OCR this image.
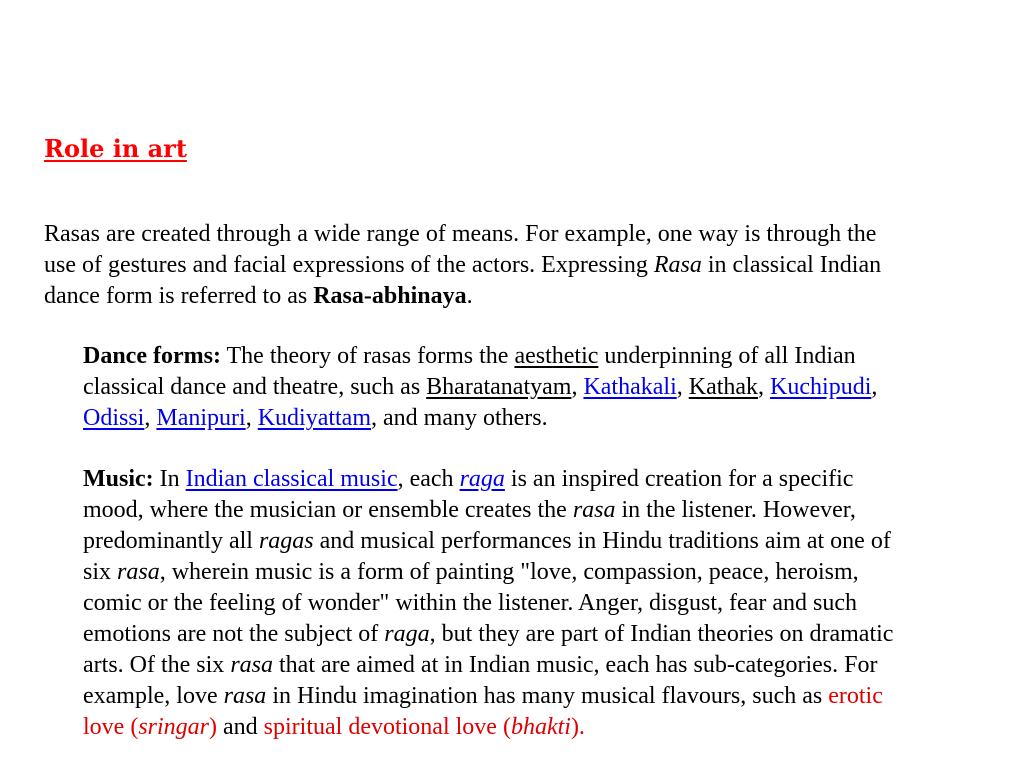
Role in art

Rasas are created through a wide range of means. For example, one way is through the
use of gestures and facial expressions of the actors. Expressing Rasa in classical Indian
dance form is referred to as Rasa-abhinaya.

Dance forms: The theory of rasas forms the aesthetic underpinning of all Indian
classical dance and theatre, such as Bharatanatyam, Kathakali, Kathak, Kuchipudi,
Odissi, Manipuri, Kudiyattam, and many others.

Music: In Indian classical music, each raga is an inspired creation for a specific
mood, where the musician or ensemble creates the rasa in the listener. However,
predominantly all ragas and musical performances in Hindu traditions aim at one of
six rasa, wherein music is a form of painting "love, compassion, peace, heroism,
comic or the feeling of wonder" within the listener. Anger, disgust, fear and such
emotions are not the subject of raga, but they are part of Indian theories on dramatic
arts. Of the six rasa that are aimed at in Indian music, each has sub-categories. For
example, love rasa in Hindu imagination has many musical flavours, such as erotic
love (sringar) and spiritual devotional love (bhakti).
